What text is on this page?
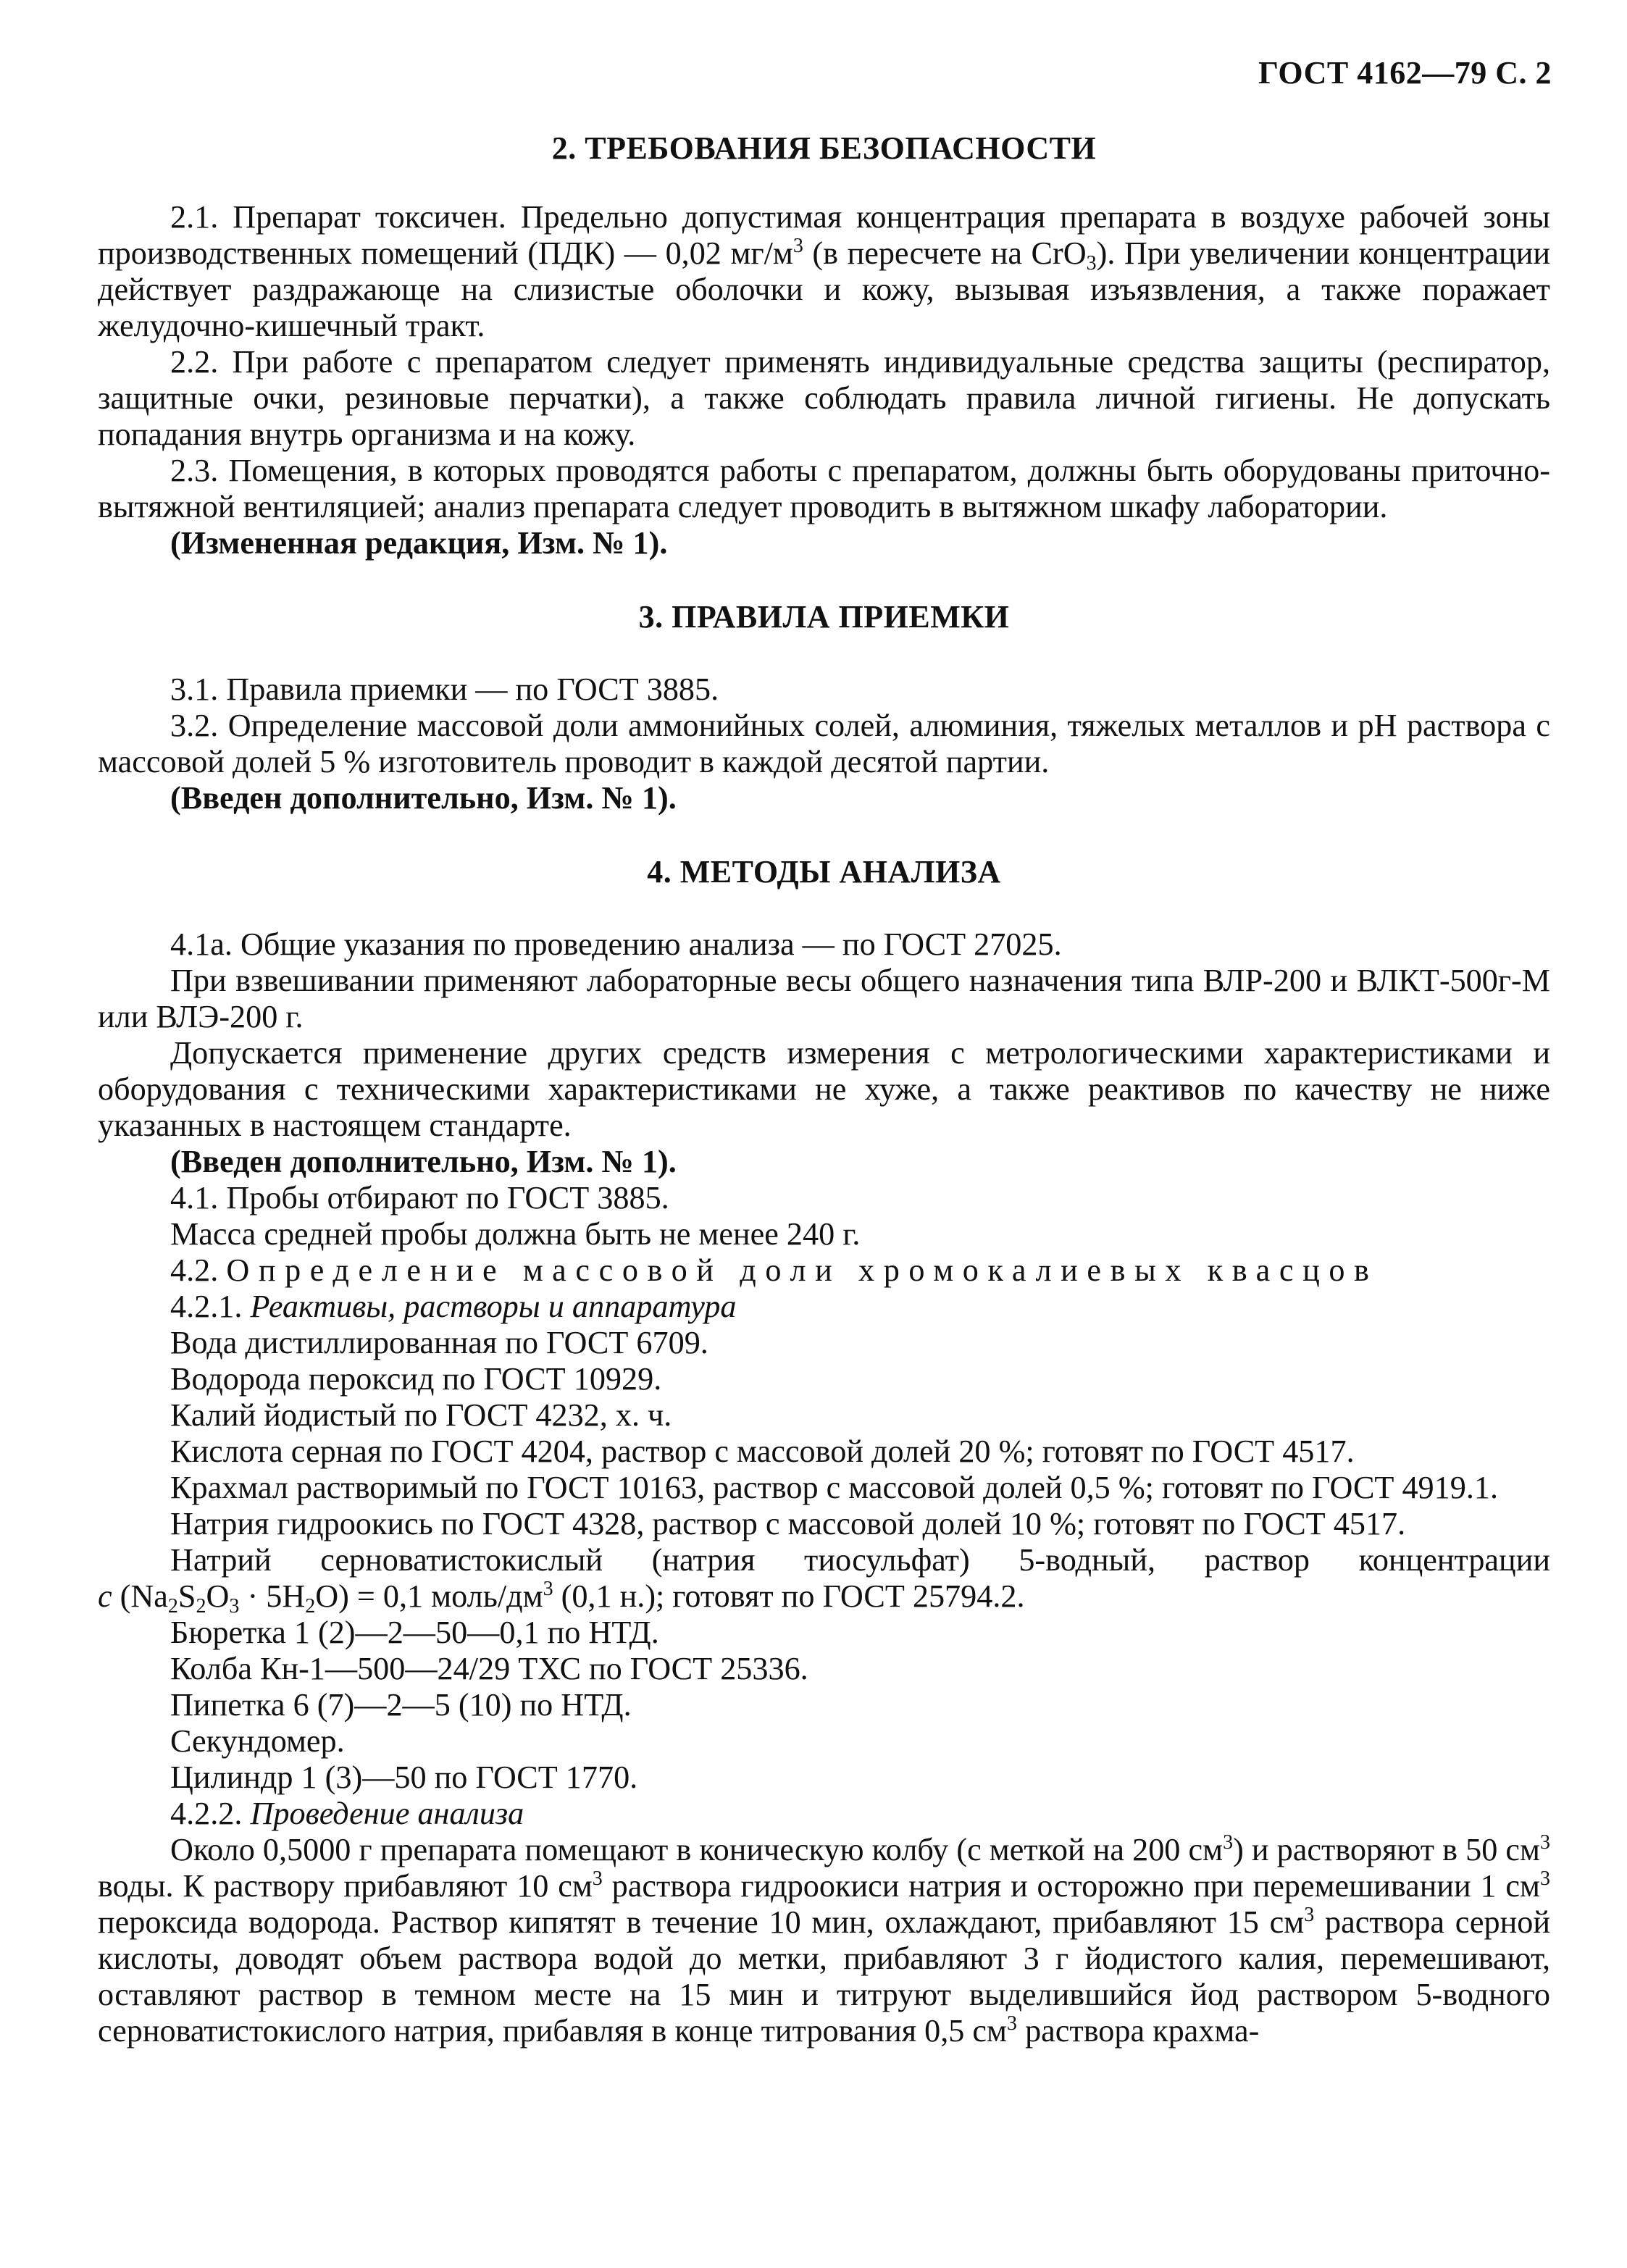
ГОСТ 4162—79 С. 2
2. ТРЕБОВАНИЯ БЕЗОПАСНОСТИ

2.1. Препарат токсичен. Предельно допустимая концентрация препарата в воздухе рабочей зоны производственных помещений (ПДК) — 0,02 $мг/м^3$ (в пересчете на CrO$_3$). При увеличении концентрации действует раздражающе на слизистые оболочки и кожу, вызывая изъязвления, а также поражает желудочно-кишечный тракт.

2.2. При работе с препаратом следует применять индивидуальные средства защиты (респиратор, защитные очки, резиновые перчатки), а также соблюдать правила личной гигиены. Не допускать попадания внутрь организма и на кожу.

2.3. Помещения, в которых проводятся работы с препаратом, должны быть оборудованы приточно-вытяжной вентиляцией; анализ препарата следует проводить в вытяжном шкафу лаборатории.

(Измененная редакция, Изм. № 1).

3. ПРАВИЛА ПРИЕМКИ

3.1. Правила приемки — по ГОСТ 3885.

3.2. Определение массовой доли аммонийных солей, алюминия, тяжелых металлов и pH раствора с массовой долей 5 % изготовитель проводит в каждой десятой партии.

(Введен дополнительно, Изм. № 1).

4. МЕТОДЫ АНАЛИЗА

4.1а. Общие указания по проведению анализа — по ГОСТ 27025.

При взвешивании применяют лабораторные весы общего назначения типа ВЛР-200 и ВЛКТ-500г-М или ВЛЭ-200 г.

Допускается применение других средств измерения с метрологическими характеристиками и оборудования с техническими характеристиками не хуже, а также реактивов по качеству не ниже указанных в настоящем стандарте.

(Введен дополнительно, Изм. № 1).

4.1. Пробы отбирают по ГОСТ 3885.

Масса средней пробы должна быть не менее 240 г.

4.2. Определение массовой доли хромокалиевых квасцов

4.2.1. Реактивы, растворы и аппаратура

Вода дистиллированная по ГОСТ 6709.

Водорода пероксид по ГОСТ 10929.

Калий йодистый по ГОСТ 4232, х. ч.

Кислота серная по ГОСТ 4204, раствор с массовой долей 20 %; готовят по ГОСТ 4517.

Крахмал растворимый по ГОСТ 10163, раствор с массовой долей 0,5 %; готовят по ГОСТ 4919.1.

Натрия гидроокись по ГОСТ 4328, раствор с массовой долей 10 %; готовят по ГОСТ 4517.

Натрий серноватистокислый (натрия тиосульфат) 5-водный, раствор концентрации
c $(Na_2S_2O_3 \cdot 5H_2O) = 0,1$ моль/$дм^3$ (0,1 н.); готовят по ГОСТ 25794.2.

Бюретка 1 (2)—2—50—0,1 по НТД.

Колба Кн-1—500—24/29 ТХС по ГОСТ 25336.

Пипетка 6 (7)—2—5 (10) по НТД.

Секундомер.

Цилиндр 1 (3)—50 по ГОСТ 1770.

4.2.2. Проведение анализа

Около 0,5000 г препарата помещают в коническую колбу (с меткой на 200 $см^3$) и растворяют в 50 $см^3$ воды. К раствору прибавляют 10 $см^3$ раствора гидроокиси натрия и осторожно при перемешивании 1 $см^3$ пероксида водорода. Раствор кипятят в течение 10 мин, охлаждают, прибавляют 15 $см^3$ раствора серной кислоты, доводят объем раствора водой до метки, прибавляют 3 г йодистого калия, перемешивают, оставляют раствор в темном месте на 15 мин и титруют выделившийся йод раствором 5-водного серноватистокислого натрия, прибавляя в конце титрования 0,5 $см^3$ раствора крахма-
